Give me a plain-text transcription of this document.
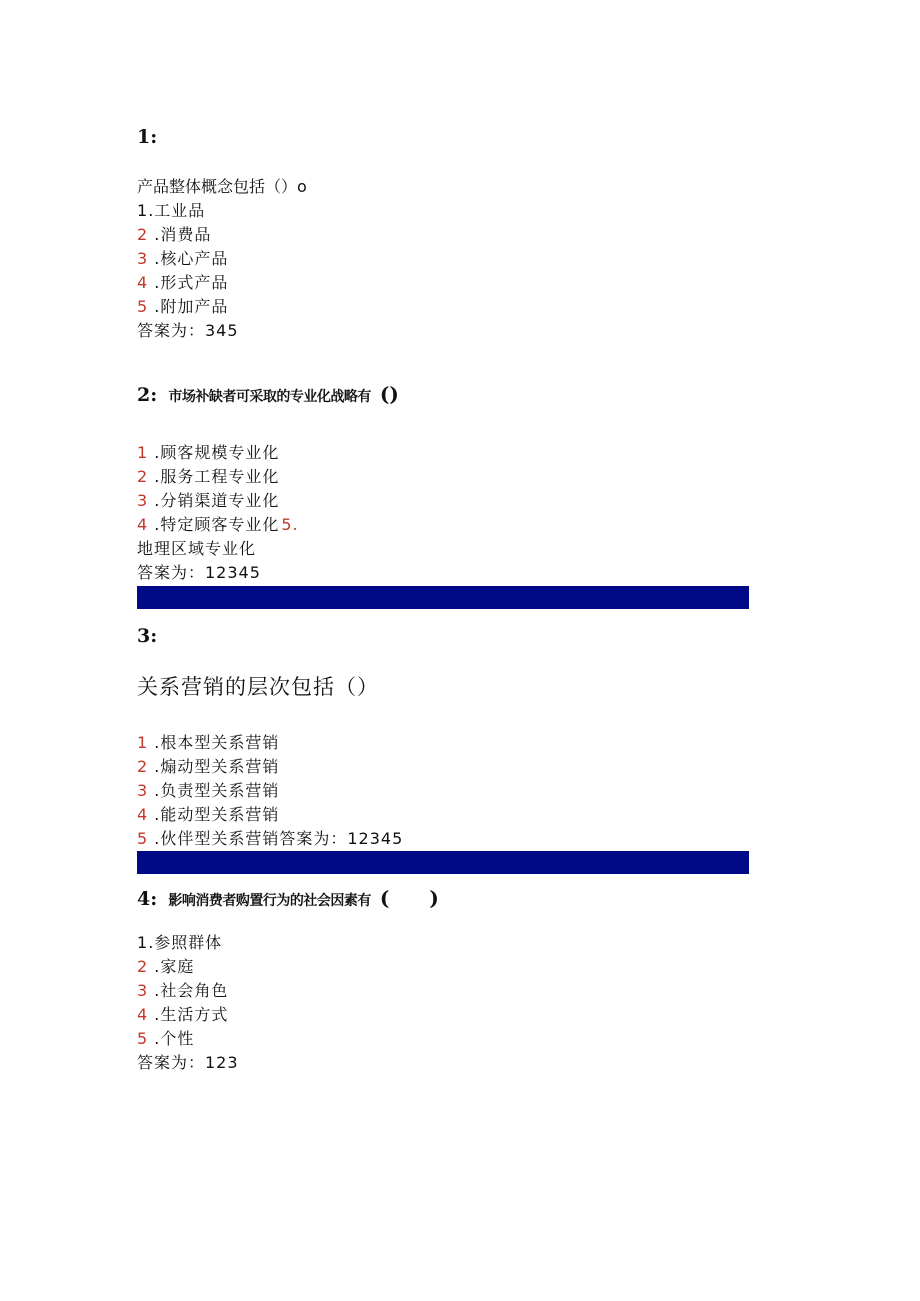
1:
产品整体概念包括（）o
1.工业品
2 .消费品
3 .核心产品
4 .形式产品
5 .附加产品
答案为：345
2: 市场补缺者可采取的专业化战略有 ()
1 .顾客规模专业化
2 .服务工程专业化
3 .分销渠道专业化
4 .特定顾客专业化 5.
地理区域专业化
答案为：12345
3:
关系营销的层次包括（）
1 .根本型关系营销
2 .煽动型关系营销
3 .负责型关系营销
4 .能动型关系营销
5 .伙伴型关系营销答案为：12345
4: 影响消费者购置行为的社会因素有 (　　)
1.参照群体
2 .家庭
3 .社会角色
4 .生活方式
5 .个性
答案为：123
